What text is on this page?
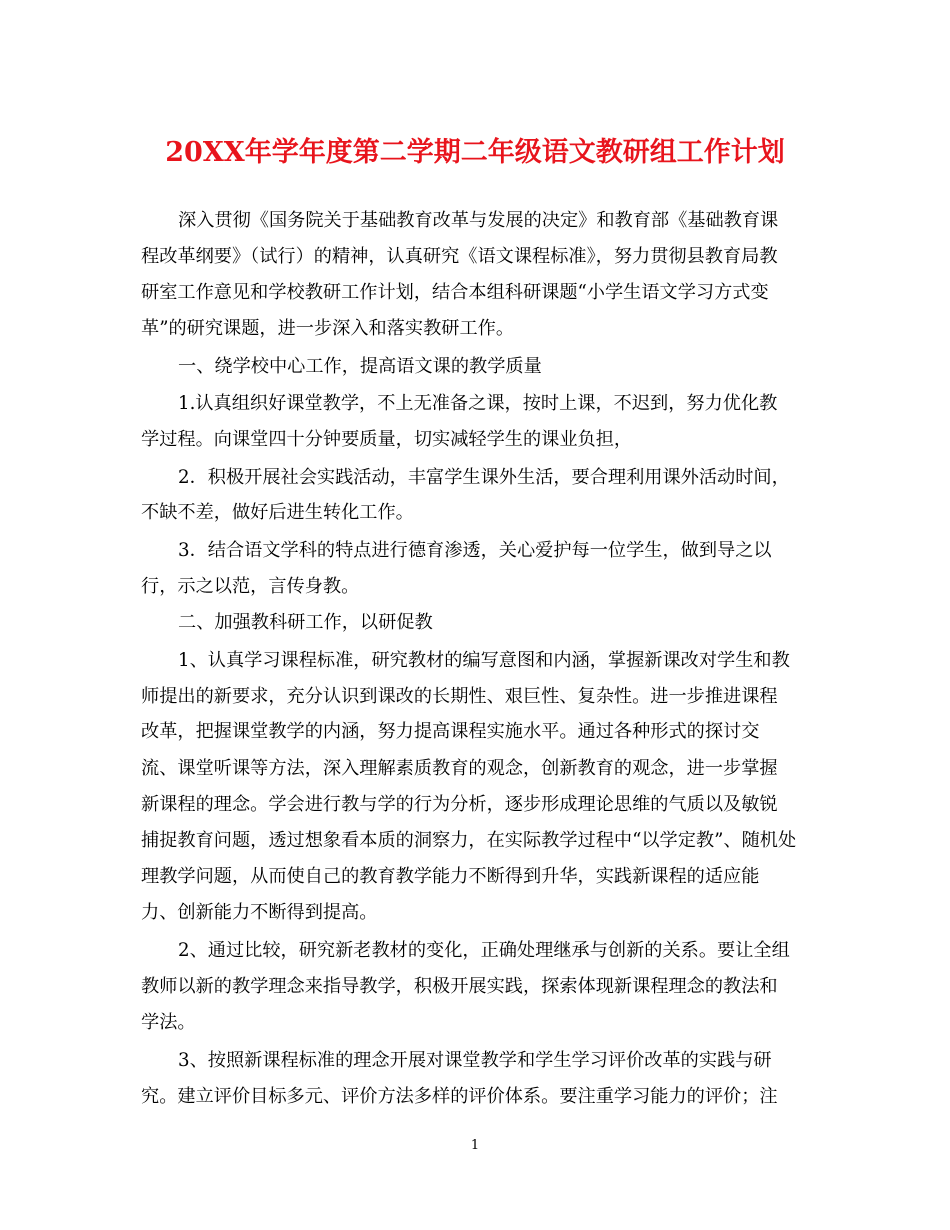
20XX年学年度第二学期二年级语文教研组工作计划
深入贯彻《国务院关于基础教育改革与发展的决定》和教育部《基础教育课
程改革纲要》（试行）的精神，认真研究《语文课程标准》，努力贯彻县教育局教
研室工作意见和学校教研工作计划，结合本组科研课题“小学生语文学习方式变
革”的研究课题，进一步深入和落实教研工作。
一、绕学校中心工作，提高语文课的教学质量
1.认真组织好课堂教学，不上无准备之课，按时上课，不迟到，努力优化教
学过程。向课堂四十分钟要质量，切实减轻学生的课业负担，
2．积极开展社会实践活动，丰富学生课外生活，要合理利用课外活动时间，
不缺不差，做好后进生转化工作。
3．结合语文学科的特点进行德育渗透，关心爱护每一位学生，做到导之以
行，示之以范，言传身教。
二、加强教科研工作，以研促教
1、认真学习课程标准，研究教材的编写意图和内涵，掌握新课改对学生和教
师提出的新要求，充分认识到课改的长期性、艰巨性、复杂性。进一步推进课程
改革，把握课堂教学的内涵，努力提高课程实施水平。通过各种形式的探讨交
流、课堂听课等方法，深入理解素质教育的观念，创新教育的观念，进一步掌握
新课程的理念。学会进行教与学的行为分析，逐步形成理论思维的气质以及敏锐
捕捉教育问题，透过想象看本质的洞察力，在实际教学过程中“以学定教”、随机处
理教学问题，从而使自己的教育教学能力不断得到升华，实践新课程的适应能
力、创新能力不断得到提高。
2、通过比较，研究新老教材的变化，正确处理继承与创新的关系。要让全组
教师以新的教学理念来指导教学，积极开展实践，探索体现新课程理念的教法和
学法。
3、按照新课程标准的理念开展对课堂教学和学生学习评价改革的实践与研
究。建立评价目标多元、评价方法多样的评价体系。要注重学习能力的评价；注
1
